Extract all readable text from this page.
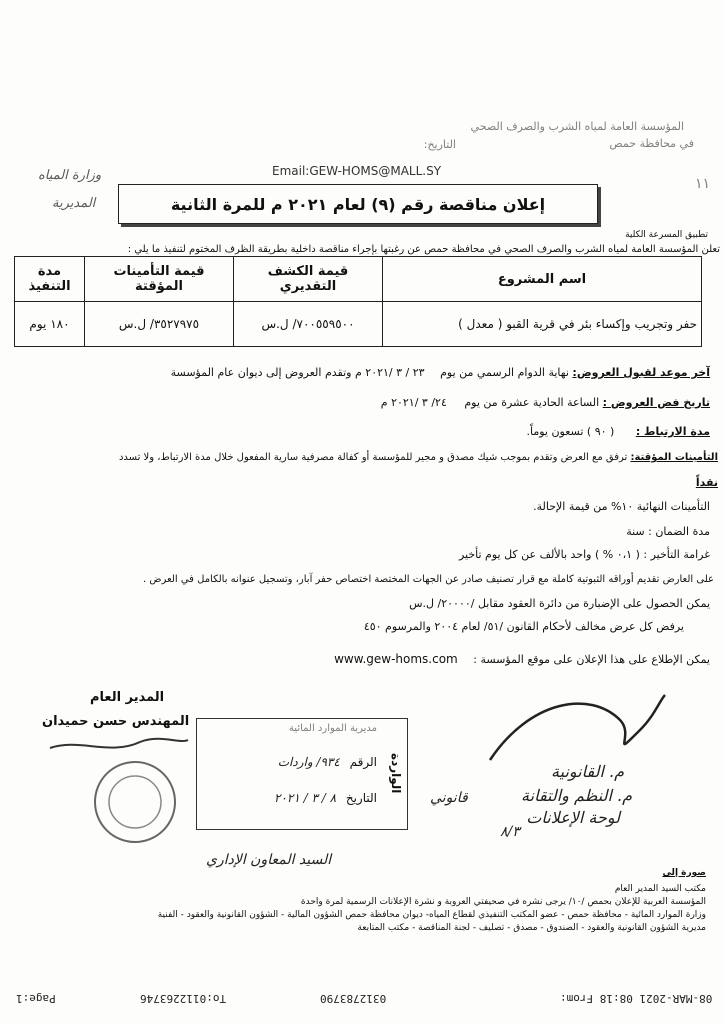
المؤسسة العامة لمياه الشرب والصرف الصحي
في محافظة حمص
التاريخ:
١١
Email:GEW-HOMS@MALL.SY
وزارة المياه
المديرية	إعلان مناقصة رقم (٩) لعام ٢٠٢١ م للمرة الثانية
تطبيق المسرعة الكلية
تعلن المؤسسة العامة لمياه الشرب والصرف الصحي في محافظة حمص عن رغبتها بإجراء مناقصة داخلية بطريقة الظرف المختوم لتنفيذ ما يلي :
اسم المشروع	قيمة الكشف التقديري	قيمة التأمينات المؤقتة	مدة التنفيذ
حفر وتجريب وإكساء بئر في قرية القبو ( معدل )	٧٠٠٥٥٩٥٠٠/ ل.س	٣٥٢٧٩٧٥/ ل.س	١٨٠ يوم
آخر موعد لقبول العروض: نهاية الدوام الرسمي من يوم ٢٣ / ٣ /٢٠٢١ م وتقدم العروض إلى ديوان عام المؤسسة
تاريخ فض العروض : الساعة الحادية عشرة من يوم ٢٤/ ٣ /٢٠٢١ م
مدة الارتباط : ( ٩٠ ) تسعون يوماً.
التأمينات المؤقتة: ترفق مع العرض وتقدم بموجب شيك مصدق و مجير للمؤسسة أو كفالة مصرفية سارية المفعول خلال مدة الارتباط، ولا تسدد
نقداً
التأمينات النهائية ١٠% من قيمة الإحالة.
مدة الضمان : سنة
غرامة التأخير : ( ٠،١ % ) واحد بالألف عن كل يوم تأخير
على العارض تقديم أوراقه الثبوتية كاملة مع قرار تصنيف صادر عن الجهات المختصة اختصاص حفر آبار، وتسجيل عنوانه بالكامل في العرض .
يمكن الحصول على الإضبارة من دائرة العقود مقابل /٢٠٠٠٠/ ل.س
يرفض كل عرض مخالف لأحكام القانون /٥١/ لعام ٢٠٠٤ والمرسوم ٤٥٠
يمكن الإطلاع على هذا الإعلان على موقع المؤسسة : www.gew-homs.com
المدير العام
المهندس حسن حميدان	مديرية الموارد المائية
الواردة
الرقم ٩٣٤/ واردات
التاريخ ٨ / ٣ / ٢٠٢١
م. القانونية
م. النظم والتقانة
لوحة الإعلانات
قانوني
السيد المعاون الإداري
٨/٣
صورة إلى
مكتب السيد المدير العام
المؤسسة العربية للإعلان بحمص /١٠/ يرجى نشره في صحيفتي العروبة و نشرة الإعلانات الرسمية لمرة واحدة
وزارة الموارد المائية - محافظة حمص - عضو المكتب التنفيذي لقطاع المياه- ديوان محافظة حمص الشؤون المالية - الشؤون القانونية والعقود - الفنية
مديرية الشؤون القانونية والعقود - الصندوق - مصدق - تصليف - لجنة المناقصة - مكتب المتابعة
08-MAR-2021 08:18 From:
0312783790
To:0112263746
Page:1
